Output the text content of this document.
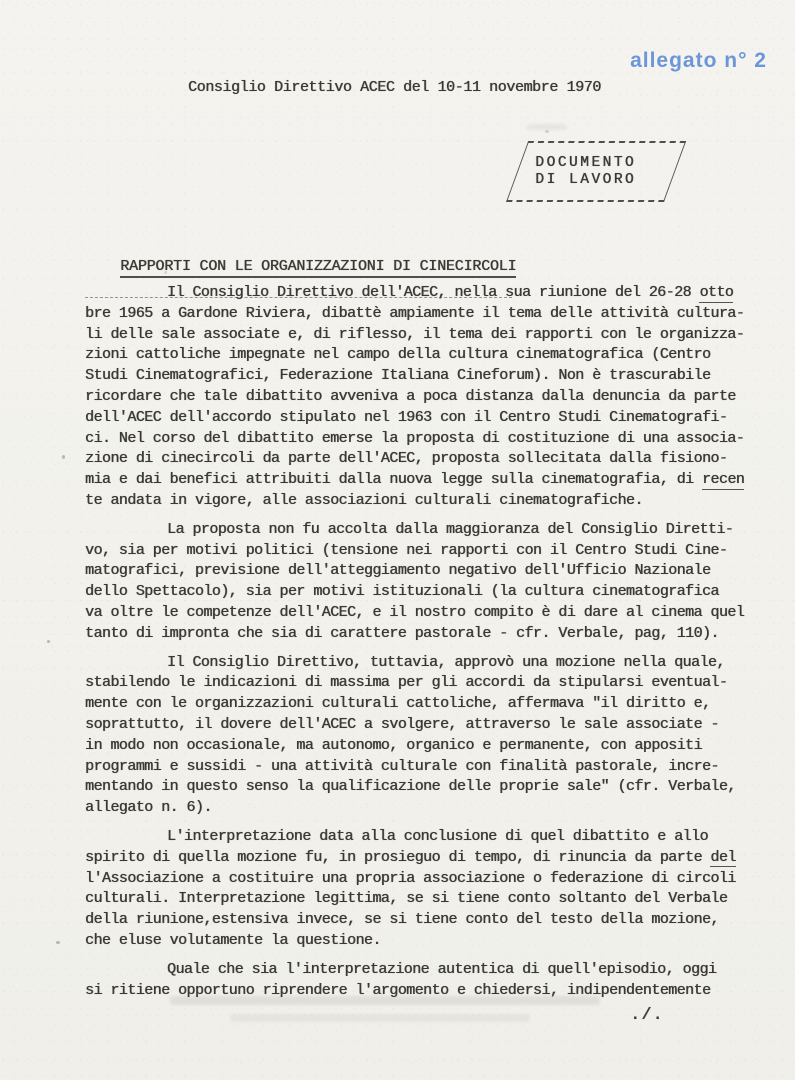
allegato n° 2
Consiglio Direttivo ACEC del 10-11 novembre 1970
DOCUMENTO
DI LAVORO

RAPPORTI CON LE ORGANIZZAZIONI DI CINECIRCOLI

Il Consiglio Direttivo dell'ACEC, nella sua riunione del 26-28 otto
bre 1965 a Gardone Riviera, dibattè ampiamente il tema delle attività cultura-
li delle sale associate e, di riflesso, il tema dei rapporti con le organizza-
zioni cattoliche impegnate nel campo della cultura cinematografica (Centro
Studi Cinematografici, Federazione Italiana Cineforum). Non è trascurabile
ricordare che tale dibattito avveniva a poca distanza dalla denuncia da parte
dell'ACEC dell'accordo stipulato nel 1963 con il Centro Studi Cinematografi-
ci. Nel corso del dibattito emerse la proposta di costituzione di una associa-
zione di cinecircoli da parte dell'ACEC, proposta sollecitata dalla fisiono-
mia e dai benefici attribuiti dalla nuova legge sulla cinematografia, di recen
te andata in vigore, alle associazioni culturali cinematografiche.
La proposta non fu accolta dalla maggioranza del Consiglio Diretti-
vo, sia per motivi politici (tensione nei rapporti con il Centro Studi Cine-
matografici, previsione dell'atteggiamento negativo dell'Ufficio Nazionale
dello Spettacolo), sia per motivi istituzionali (la cultura cinematografica
va oltre le competenze dell'ACEC, e il nostro compito è di dare al cinema quel
tanto di impronta che sia di carattere pastorale - cfr. Verbale, pag, 110).
Il Consiglio Direttivo, tuttavia, approvò una mozione nella quale,
stabilendo le indicazioni di massima per gli accordi da stipularsi eventual-
mente con le organizzazioni culturali cattoliche, affermava "il diritto e,
soprattutto, il dovere dell'ACEC a svolgere, attraverso le sale associate -
in modo non occasionale, ma autonomo, organico e permanente, con appositi
programmi e sussidi - una attività culturale con finalità pastorale, incre-
mentando in questo senso la qualificazione delle proprie sale" (cfr. Verbale,
allegato n. 6).
L'interpretazione data alla conclusione di quel dibattito e allo
spirito di quella mozione fu, in prosieguo di tempo, di rinuncia da parte del
l'Associazione a costituire una propria associazione o federazione di circoli
culturali. Interpretazione legittima, se si tiene conto soltanto del Verbale
della riunione,estensiva invece, se si tiene conto del testo della mozione,
che eluse volutamente la questione.
Quale che sia l'interpretazione autentica di quell'episodio, oggi
si ritiene opportuno riprendere l'argomento e chiedersi, indipendentemente
./.
